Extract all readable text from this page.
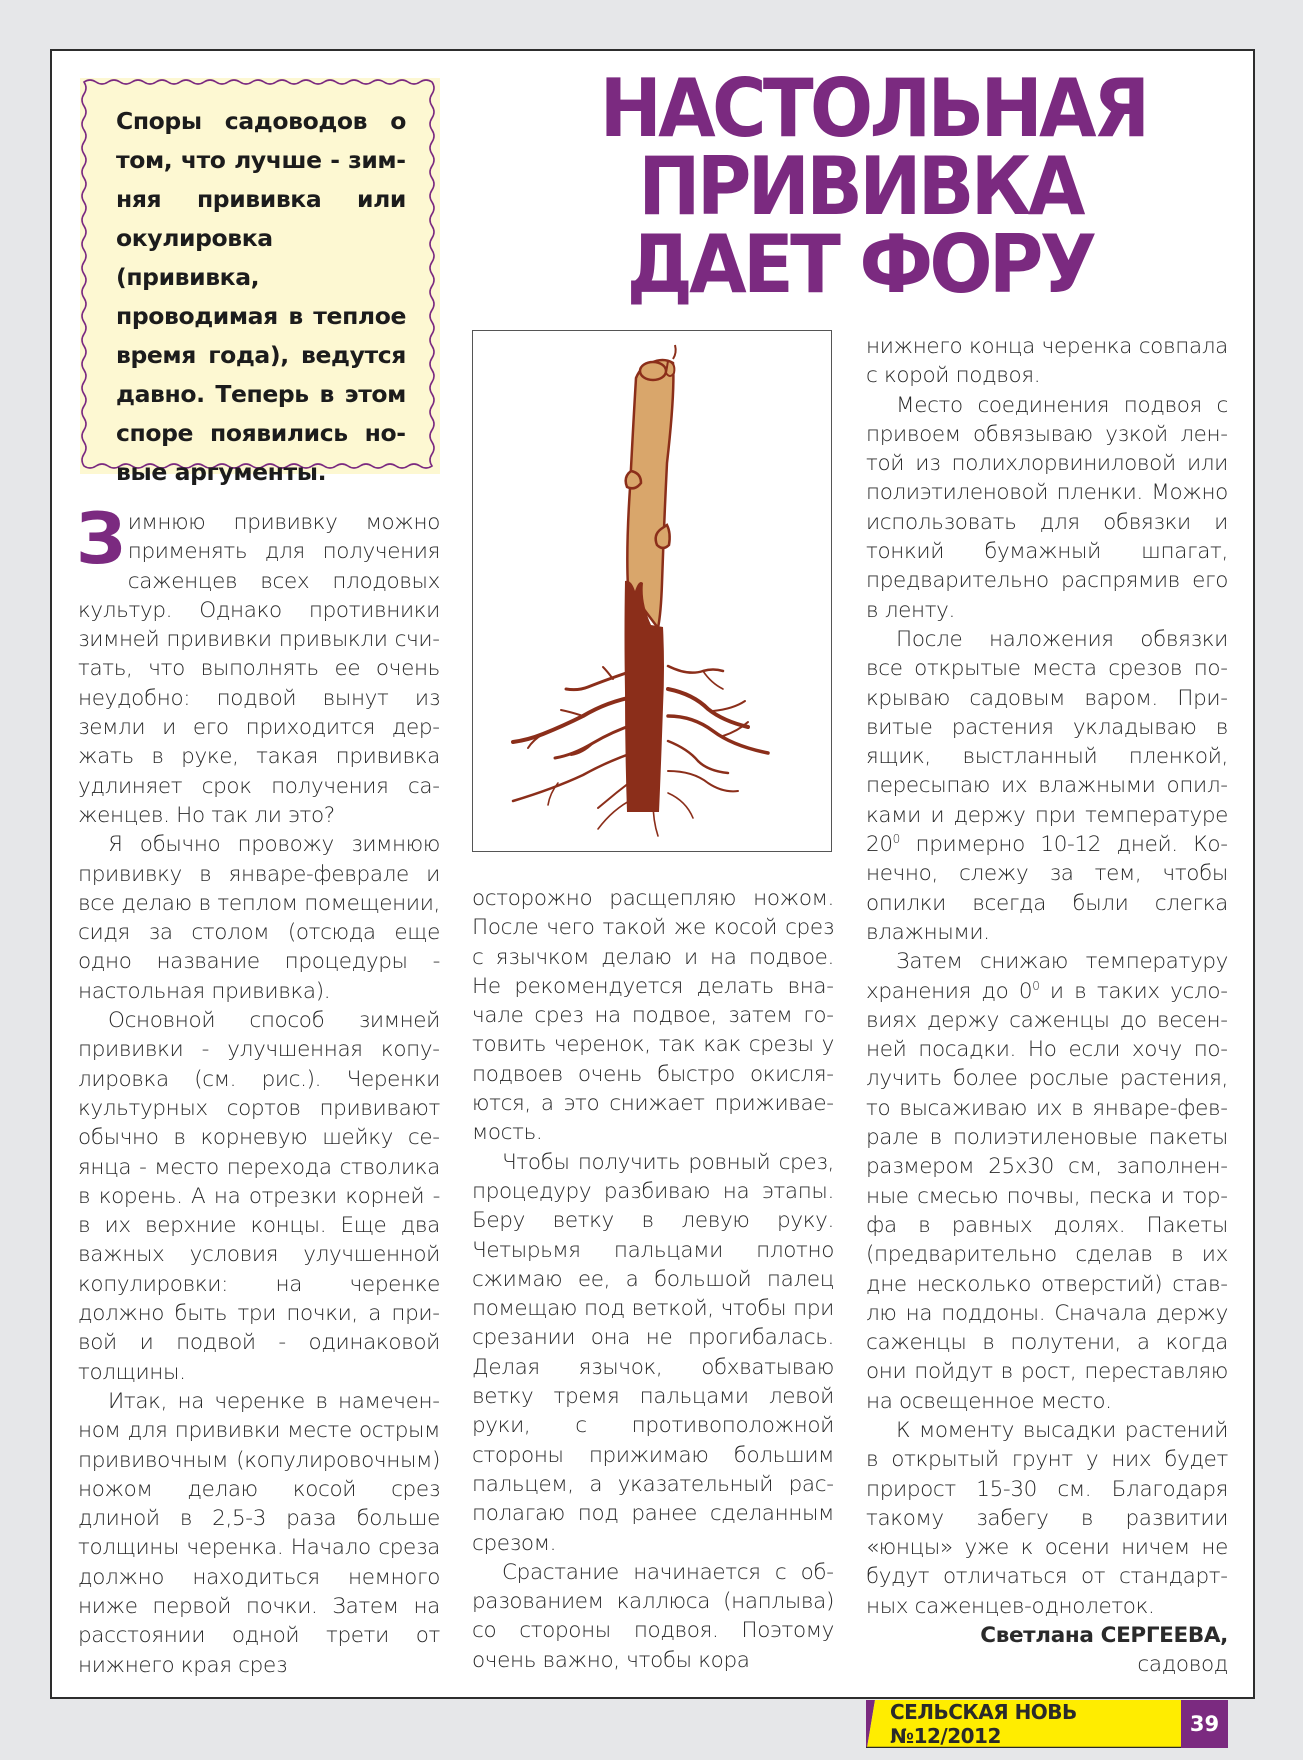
Споры садоводов о том, что лучше - зимняя прививка или окулировка (прививка, проводимая в теплое время года), ведутся давно. Теперь в этом споре появились новые аргументы.
НАСТОЛЬНАЯ
ПРИВИВКА
ДАЕТ ФОРУ

Зимнюю прививку можно применять для получения саженцев всех плодовых культур. Однако противники зимней прививки привыкли считать, что выполнять ее очень неудобно: подвой вынут из земли и его приходится держать в руке, такая прививка удлиняет срок получения саженцев. Но так ли это?

Я обычно провожу зимнюю прививку в январе-феврале и все делаю в теплом помещении, сидя за столом (отсюда еще одно название процедуры - настольная прививка).

Основной способ зимней прививки - улучшенная копулировка (см. рис.). Черенки культурных сортов прививают обычно в корневую шейку сеянца - место перехода стволика в корень. А на отрезки корней - в их верхние концы. Еще два важных условия улучшенной копулировки: на черенке должно быть три почки, а привой и подвой - одинаковой толщины.

Итак, на черенке в намеченном для прививки месте острым прививочным (копулировочным) ножом делаю косой срез длиной в 2,5-3 раза больше толщины черенка. Начало среза должно находиться немного ниже первой почки. Затем на расстоянии одной трети от нижнего края срез

осторожно расщепляю ножом. После чего такой же косой срез с язычком делаю и на подвое. Не рекомендуется делать вначале срез на подвое, затем готовить черенок, так как срезы у подвоев очень быстро окисляются, а это снижает приживаемость.

Чтобы получить ровный срез, процедуру разбиваю на этапы. Беру ветку в левую руку. Четырьмя пальцами плотно сжимаю ее, а большой палец помещаю под веткой, чтобы при срезании она не прогибалась. Делая язычок, обхватываю ветку тремя пальцами левой руки, с противоположной стороны прижимаю большим пальцем, а указательный располагаю под ранее сделанным срезом.

Срастание начинается с образованием каллюса (наплыва) со стороны подвоя. Поэтому очень важно, чтобы кора

нижнего конца черенка совпала с корой подвоя.

Место соединения подвоя с привоем обвязываю узкой лентой из полихлорвиниловой или полиэтиленовой пленки. Можно использовать для обвязки и тонкий бумажный шпагат, предварительно распрямив его в ленту.

После наложения обвязки все открытые места срезов покрываю садовым варом. Привитые растения укладываю в ящик, выстланный пленкой, пересыпаю их влажными опилками и держу при температуре $20^0$ примерно 10-12 дней. Конечно, слежу за тем, чтобы опилки всегда были слегка влажными.

Затем снижаю температуру хранения до $0^0$ и в таких условиях держу саженцы до весенней посадки. Но если хочу получить более рослые растения, то высаживаю их в январе-феврале в полиэтиленовые пакеты размером 25х30 см, заполненные смесью почвы, песка и торфа в равных долях. Пакеты (предварительно сделав в их дне несколько отверстий) ставлю на поддоны. Сначала держу саженцы в полутени, а когда они пойдут в рост, переставляю на освещенное место.

К моменту высадки растений в открытый грунт у них будет прирост 15-30 см. Благодаря такому забегу в развитии «юнцы» уже к осени ничем не будут отличаться от стандартных саженцев-однолеток.

Светлана СЕРГЕЕВА,
садовод
СЕЛЬСКАЯ НОВЬ №12/2012	39
